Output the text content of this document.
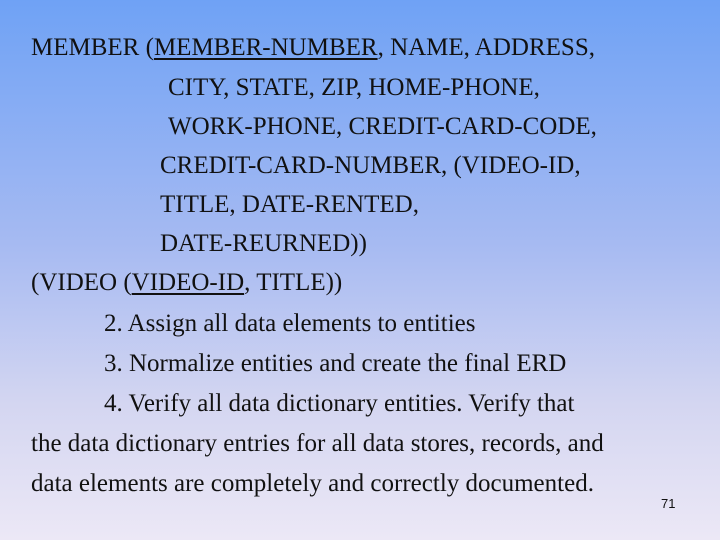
MEMBER (MEMBER-NUMBER, NAME, ADDRESS,
CITY, STATE, ZIP, HOME-PHONE,
WORK-PHONE, CREDIT-CARD-CODE,
CREDIT-CARD-NUMBER, (VIDEO-ID,
TITLE, DATE-RENTED,
DATE-REURNED))
(VIDEO (VIDEO-ID, TITLE))
2. Assign all data elements to entities
3. Normalize entities and create the final ERD
4. Verify all data dictionary entities. Verify that
the data dictionary entries for all data stores, records, and
data elements are completely and correctly documented.
71
